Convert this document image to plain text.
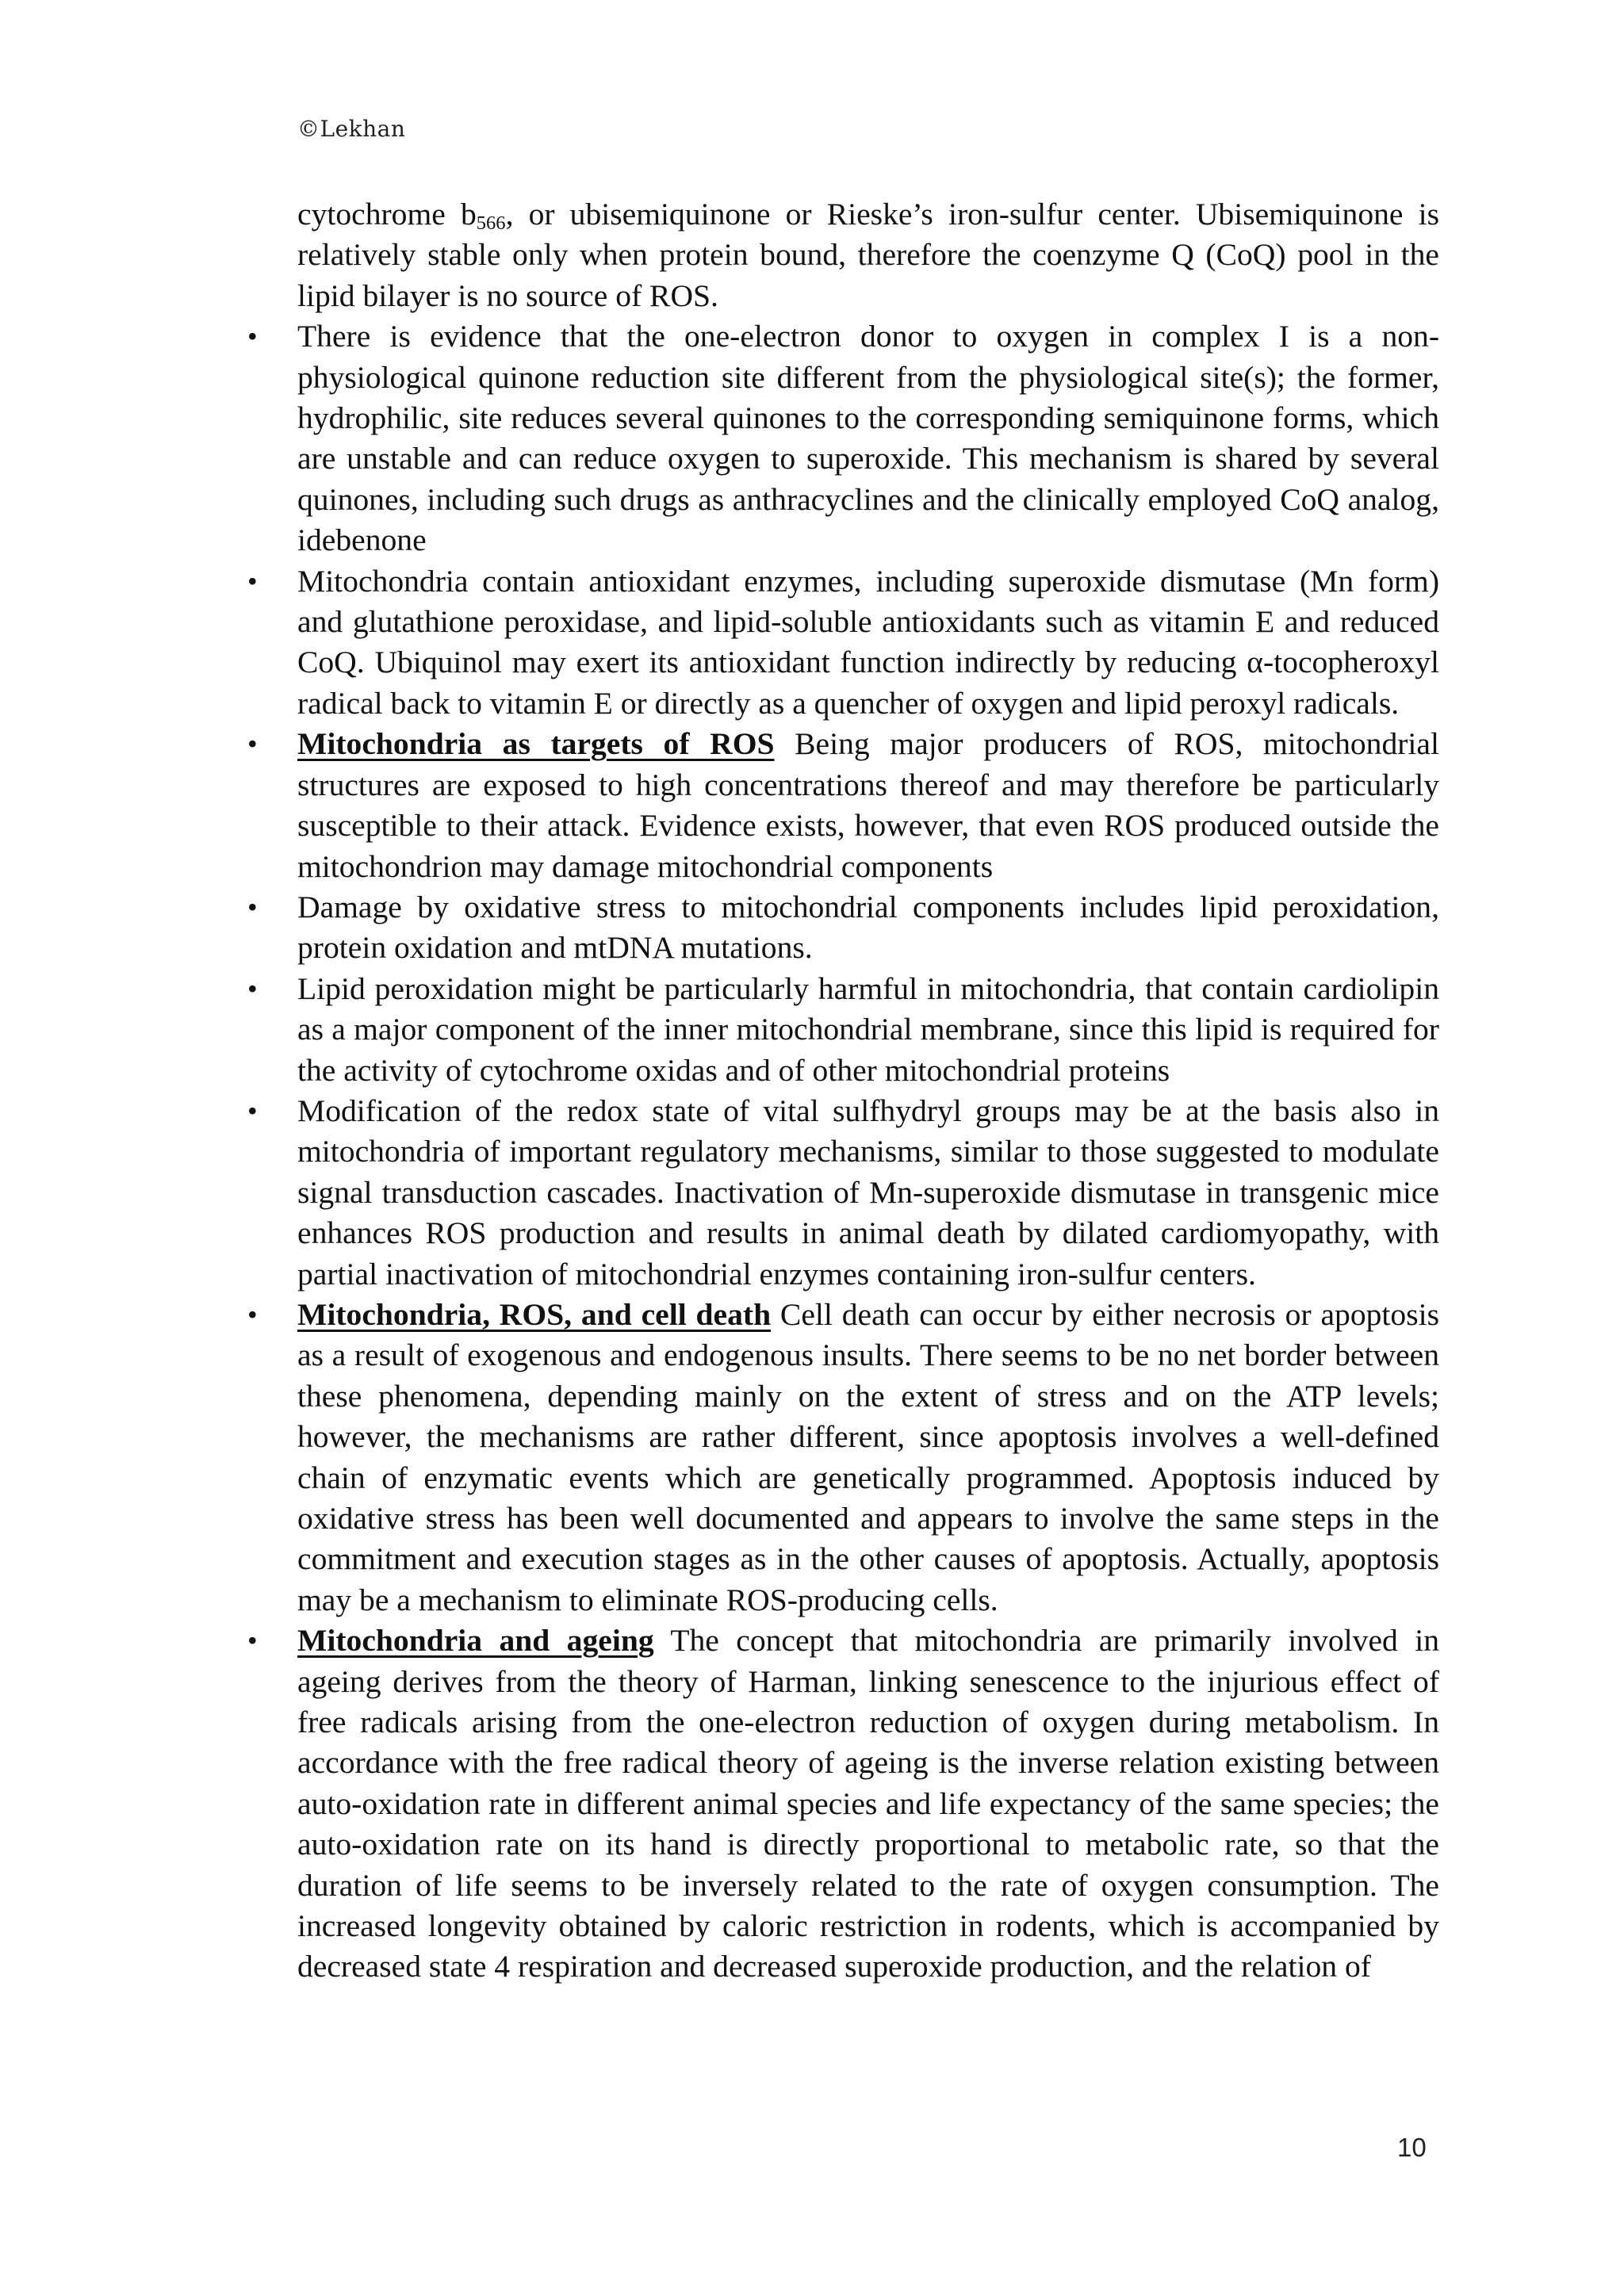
©Lekhan

cytochrome $b_{566}$, or ubisemiquinone or Rieske’s iron-sulfur center. Ubisemiquinone is relatively stable only when protein bound, therefore the coenzyme Q (CoQ) pool in the lipid bilayer is no source of ROS.

• There is evidence that the one-electron donor to oxygen in complex I is a non-physiological quinone reduction site different from the physiological site(s); the former, hydrophilic, site reduces several quinones to the corresponding semiquinone forms, which are unstable and can reduce oxygen to superoxide. This mechanism is shared by several quinones, including such drugs as anthracyclines and the clinically employed CoQ analog, idebenone
• Mitochondria contain antioxidant enzymes, including superoxide dismutase (Mn form) and glutathione peroxidase, and lipid-soluble antioxidants such as vitamin E and reduced CoQ. Ubiquinol may exert its antioxidant function indirectly by reducing α-tocopheroxyl radical back to vitamin E or directly as a quencher of oxygen and lipid peroxyl radicals.
• Mitochondria as targets of ROS Being major producers of ROS, mitochondrial structures are exposed to high concentrations thereof and may therefore be particularly susceptible to their attack. Evidence exists, however, that even ROS produced outside the mitochondrion may damage mitochondrial components
• Damage by oxidative stress to mitochondrial components includes lipid peroxidation, protein oxidation and mtDNA mutations.
• Lipid peroxidation might be particularly harmful in mitochondria, that contain cardiolipin as a major component of the inner mitochondrial membrane, since this lipid is required for the activity of cytochrome oxidas and of other mitochondrial proteins
• Modification of the redox state of vital sulfhydryl groups may be at the basis also in mitochondria of important regulatory mechanisms, similar to those suggested to modulate signal transduction cascades. Inactivation of Mn-superoxide dismutase in transgenic mice enhances ROS production and results in animal death by dilated cardiomyopathy, with partial inactivation of mitochondrial enzymes containing iron-sulfur centers.
• Mitochondria, ROS, and cell death Cell death can occur by either necrosis or apoptosis as a result of exogenous and endogenous insults. There seems to be no net border between these phenomena, depending mainly on the extent of stress and on the ATP levels; however, the mechanisms are rather different, since apoptosis involves a well-defined chain of enzymatic events which are genetically programmed. Apoptosis induced by oxidative stress has been well documented and appears to involve the same steps in the commitment and execution stages as in the other causes of apoptosis. Actually, apoptosis may be a mechanism to eliminate ROS-producing cells.
• Mitochondria and ageing The concept that mitochondria are primarily involved in ageing derives from the theory of Harman, linking senescence to the injurious effect of free radicals arising from the one-electron reduction of oxygen during metabolism. In accordance with the free radical theory of ageing is the inverse relation existing between auto-oxidation rate in different animal species and life expectancy of the same species; the auto-oxidation rate on its hand is directly proportional to metabolic rate, so that the duration of life seems to be inversely related to the rate of oxygen consumption. The increased longevity obtained by caloric restriction in rodents, which is accompanied by decreased state 4 respiration and decreased superoxide production, and the relation of
10
